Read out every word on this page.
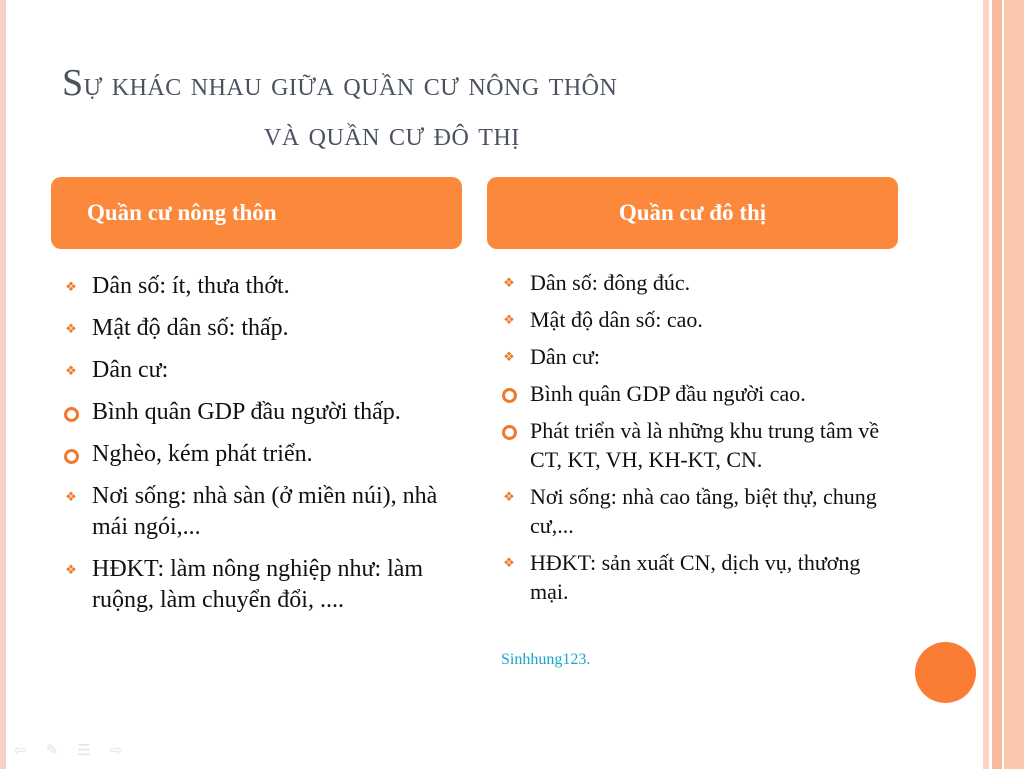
Sự khác nhau giữa quần cư nông thôn
và quần cư đô thị
Quần cư nông thôn	Quần cư đô thị
❖ Dân số: ít, thưa thớt.
❖ Mật độ dân số: thấp.
❖ Dân cư:
Bình quân GDP đầu người thấp.
Nghèo, kém phát triển.
❖ Nơi sống: nhà sàn (ở miền núi), nhà mái ngói,...
❖ HĐKT: làm nông nghiệp như: làm ruộng, làm chuyển đổi, ....
❖ Dân số: đông đúc.
❖ Mật độ dân số: cao.
❖ Dân cư:
Bình quân GDP đầu người cao.
Phát triển và là những khu trung tâm về CT, KT, VH, KH-KT, CN.
❖ Nơi sống: nhà cao tầng, biệt thự, chung cư,...
❖ HĐKT: sản xuất CN, dịch vụ, thương mại.
Sinhhung123.
⇦ ✎ ☰ ⇨
